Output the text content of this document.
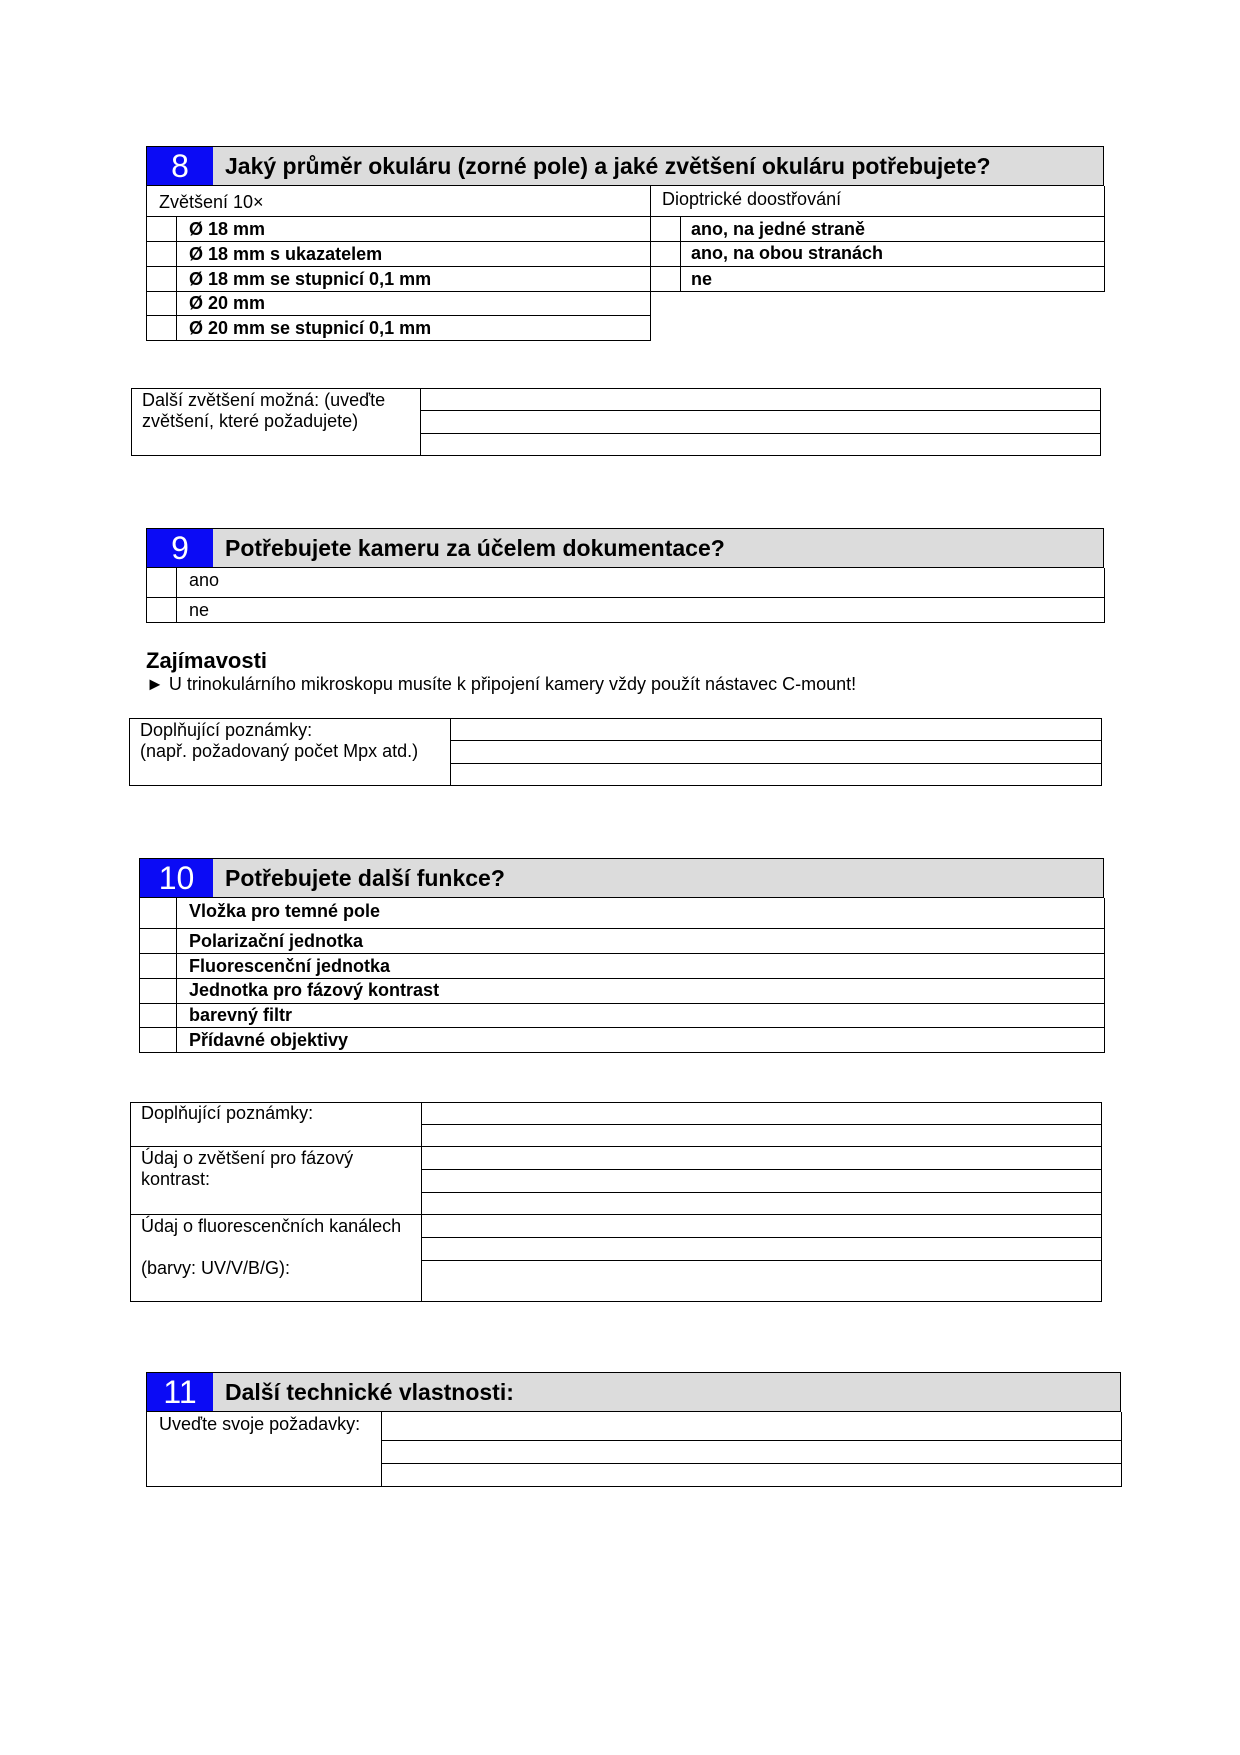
8	Jaký průměr okuláru (zorné pole) a jaké zvětšení okuláru potřebujete?
Zvětšení 10×
Ø 18 mm
Ø 18 mm s ukazatelem
Ø 18 mm se stupnicí 0,1 mm
Ø 20 mm
Ø 20 mm se stupnicí 0,1 mm
Dioptrické doostřování
ano, na jedné straně
ano, na obou stranách
ne
Další zvětšení možná: (uveďte zvětšení, které požadujete)
9	Potřebujete kameru za účelem dokumentace?
ano
ne
Zajímavosti
► U trinokulárního mikroskopu musíte k připojení kamery vždy použít nástavec C-mount!
Doplňující poznámky:
(např. požadovaný počet Mpx atd.)
10	Potřebujete další funkce?
Vložka pro temné pole
Polarizační jednotka
Fluorescenční jednotka
Jednotka pro fázový kontrast
barevný filtr
Přídavné objektivy
Doplňující poznámky:
Údaj o zvětšení pro fázový kontrast:
Údaj o fluorescenčních kanálech
(barvy: UV/V/B/G):
11	Další technické vlastnosti:
Uveďte svoje požadavky:
